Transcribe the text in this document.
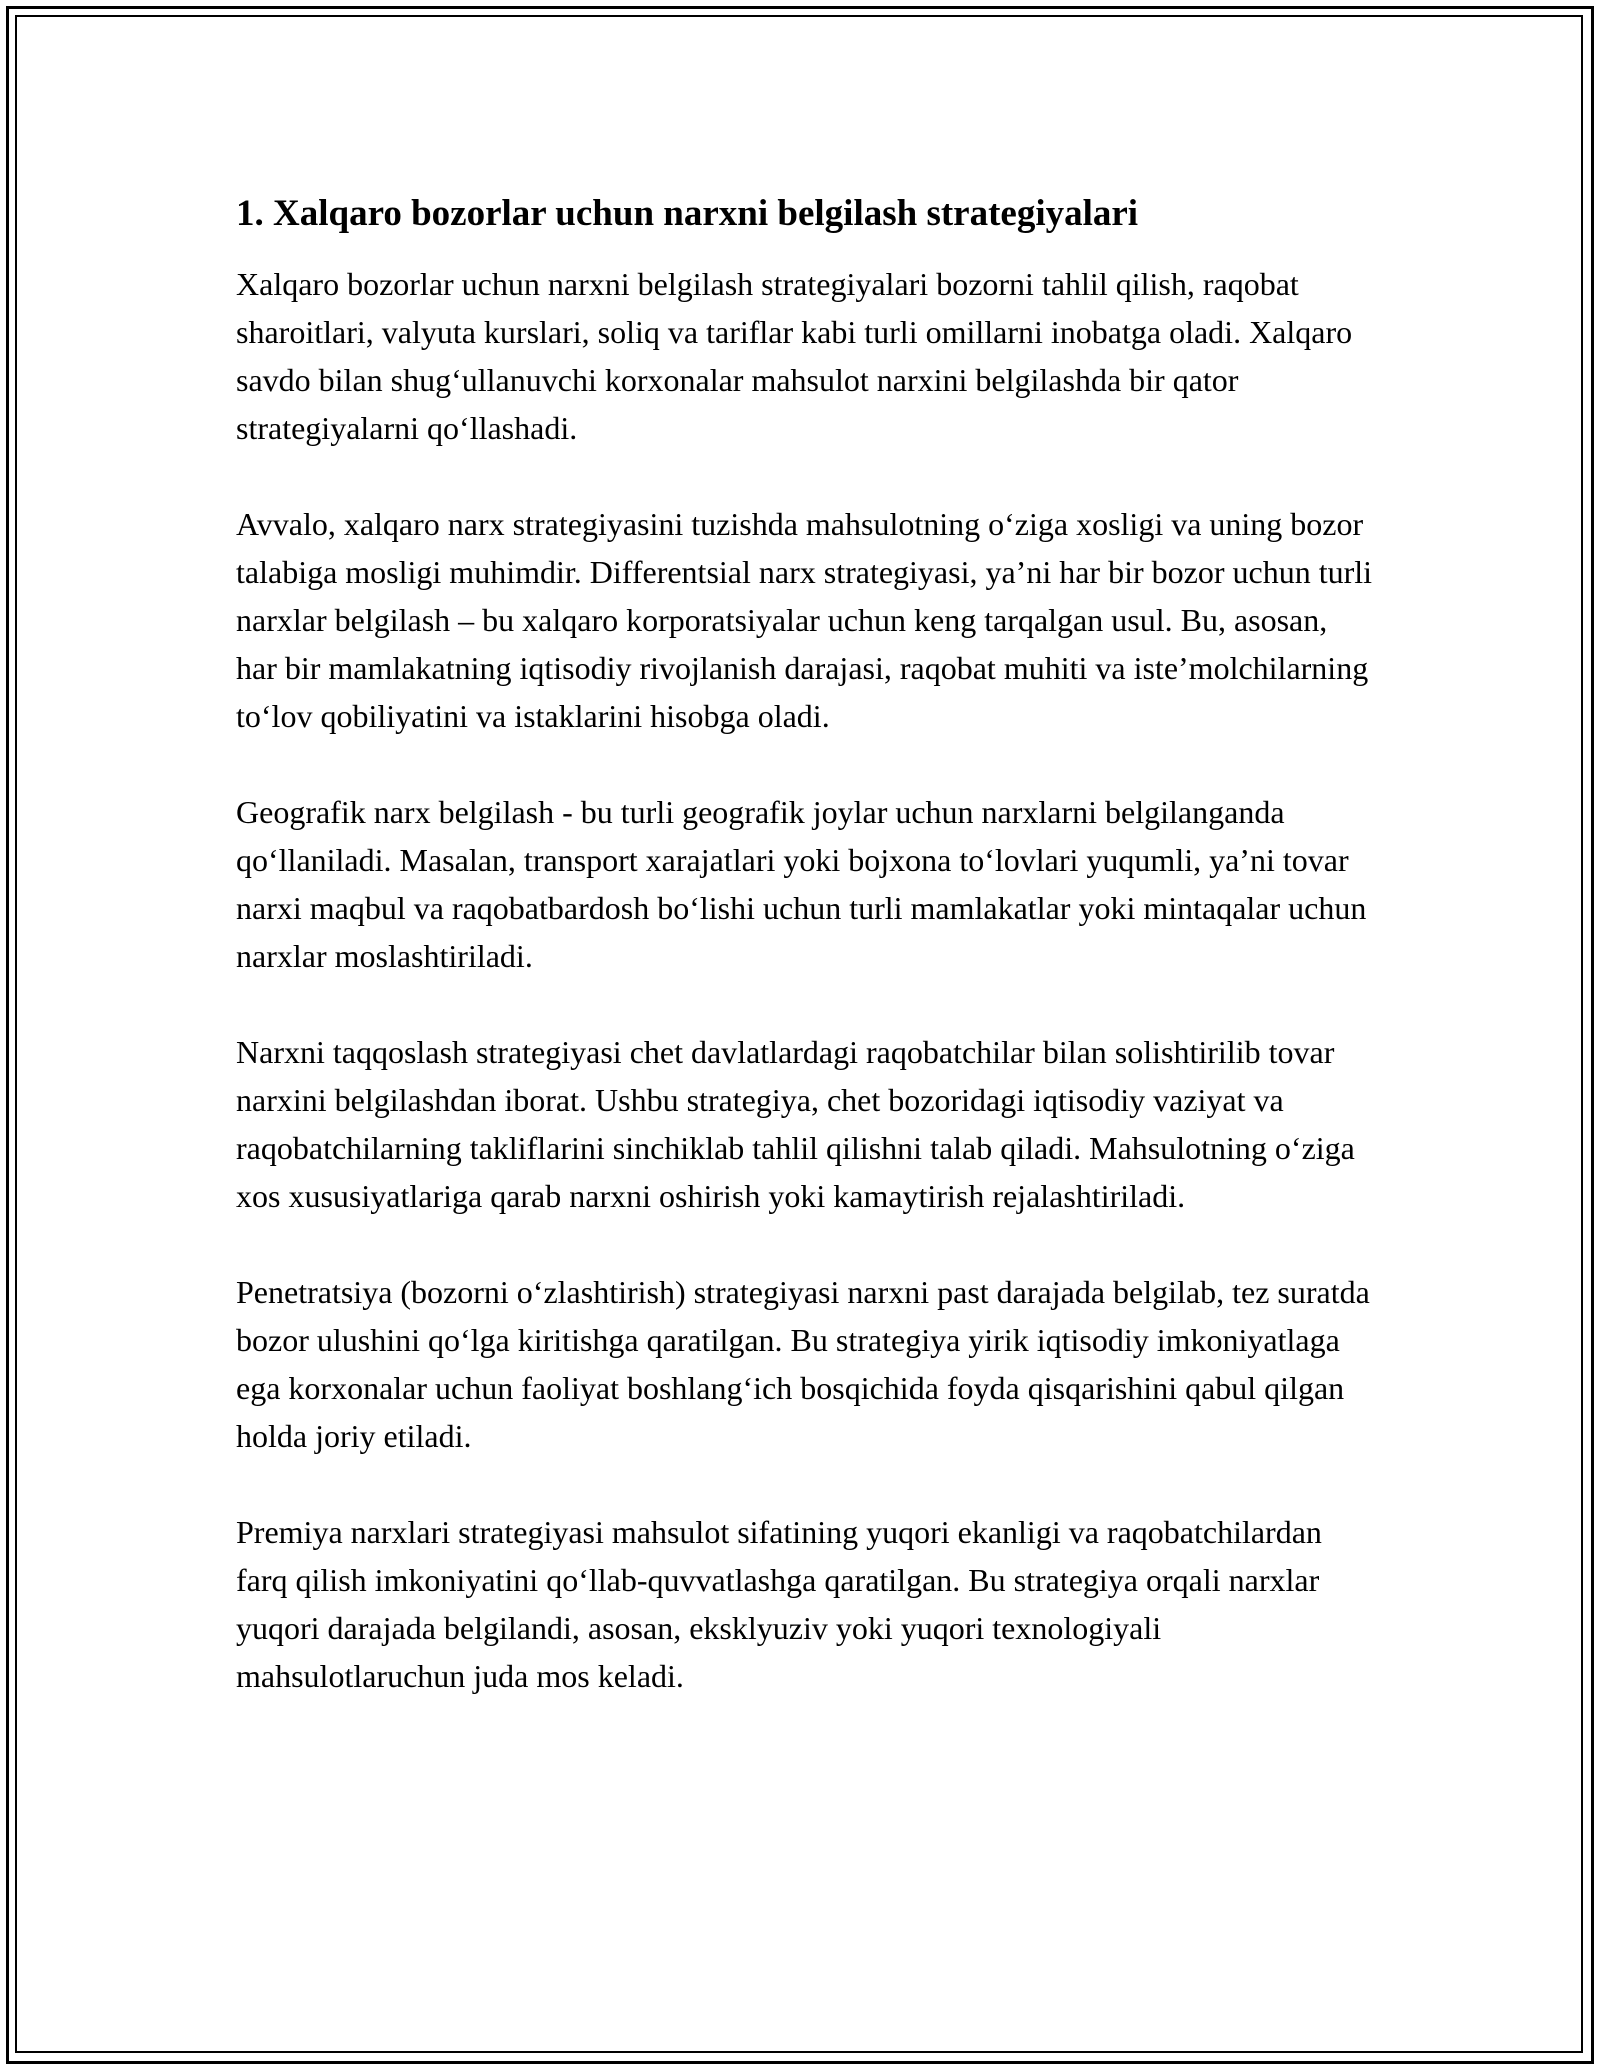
1. Xalqaro bozorlar uchun narxni belgilash strategiyalari

Xalqaro bozorlar uchun narxni belgilash strategiyalari bozorni tahlil qilish, raqobat sharoitlari, valyuta kurslari, soliq va tariflar kabi turli omillarni inobatga oladi. Xalqaro savdo bilan shugʻullanuvchi korxonalar mahsulot narxini belgilashda bir qator strategiyalarni qoʻllashadi.

Avvalo, xalqaro narx strategiyasini tuzishda mahsulotning oʻziga xosligi va uning bozor talabiga mosligi muhimdir. Differentsial narx strategiyasi, ya’ni har bir bozor uchun turli narxlar belgilash – bu xalqaro korporatsiyalar uchun keng tarqalgan usul. Bu, asosan, har bir mamlakatning iqtisodiy rivojlanish darajasi, raqobat muhiti va iste’molchilarning toʻlov qobiliyatini va istaklarini hisobga oladi.

Geografik narx belgilash - bu turli geografik joylar uchun narxlarni belgilanganda qoʻllaniladi. Masalan, transport xarajatlari yoki bojxona toʻlovlari yuqumli, ya’ni tovar narxi maqbul va raqobatbardosh boʻlishi uchun turli mamlakatlar yoki mintaqalar uchun narxlar moslashtiriladi.

Narxni taqqoslash strategiyasi chet davlatlardagi raqobatchilar bilan solishtirilib tovar narxini belgilashdan iborat. Ushbu strategiya, chet bozoridagi iqtisodiy vaziyat va raqobatchilarning takliflarini sinchiklab tahlil qilishni talab qiladi. Mahsulotning oʻziga xos xususiyatlariga qarab narxni oshirish yoki kamaytirish rejalashtiriladi.

Penetratsiya (bozorni oʻzlashtirish) strategiyasi narxni past darajada belgilab, tez suratda bozor ulushini qoʻlga kiritishga qaratilgan. Bu strategiya yirik iqtisodiy imkoniyatlaga ega korxonalar uchun faoliyat boshlangʻich bosqichida foyda qisqarishini qabul qilgan holda joriy etiladi.

Premiya narxlari strategiyasi mahsulot sifatining yuqori ekanligi va raqobatchilardan farq qilish imkoniyatini qoʻllab-quvvatlashga qaratilgan. Bu strategiya orqali narxlar yuqori darajada belgilandi, asosan, eksklyuziv yoki yuqori texnologiyali mahsulotlaruchun juda mos keladi.
